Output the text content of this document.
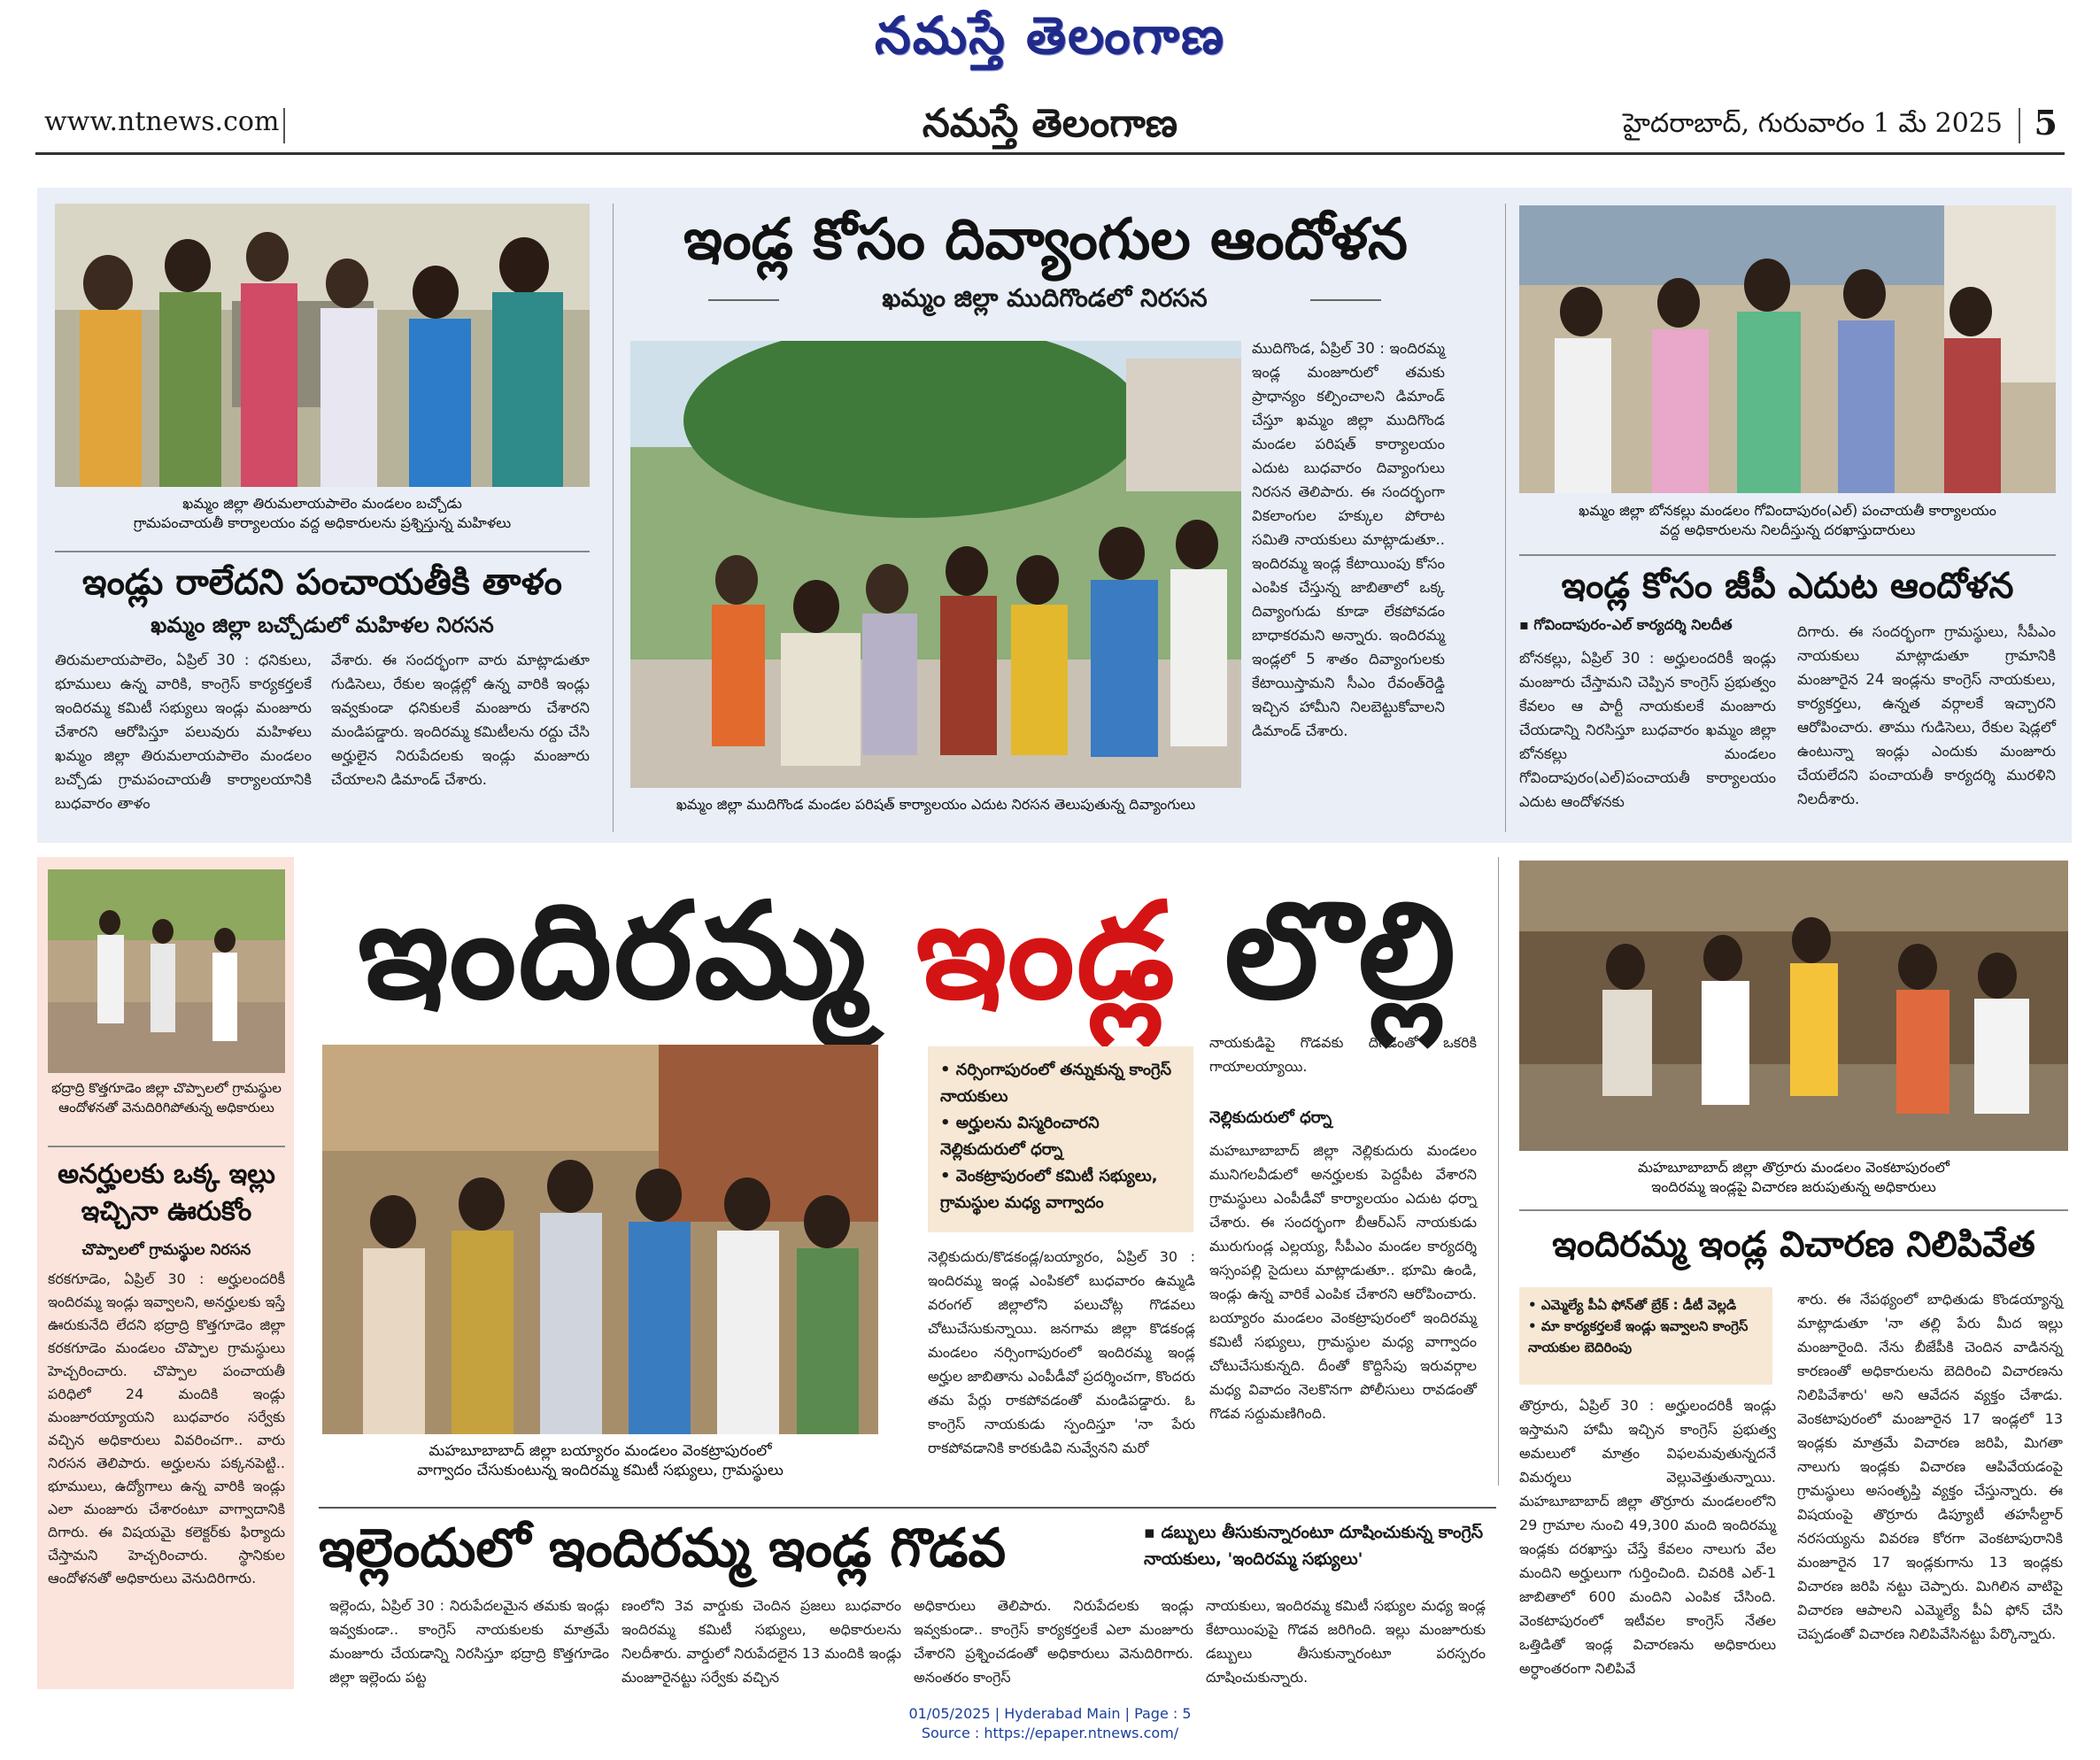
నమస్తే తెలంగాణ
www.ntnews.com	నమస్తే తెలంగాణ	హైదరాబాద్, గురువారం 1 మే 2025 5
ఖమ్మం జిల్లా తిరుమలాయపాలెం మండలం బచ్చోడు
గ్రామపంచాయతీ కార్యాలయం వద్ద అధికారులను ప్రశ్నిస్తున్న మహిళలు
ఇండ్లు రాలేదని పంచాయతీకి తాళం
ఖమ్మం జిల్లా బచ్చోడులో మహిళల నిరసన
తిరుమలాయపాలెం, ఏప్రిల్ 30 : ధనికులు, భూములు ఉన్న వారికి, కాంగ్రెస్ కార్యకర్తలకే ఇందిరమ్మ కమిటీ సభ్యులు ఇండ్లు మంజూరు చేశారని ఆరోపిస్తూ పలువురు మహిళలు ఖమ్మం జిల్లా తిరుమలాయపాలెం మండలం బచ్చోడు గ్రామపంచాయతీ కార్యాలయానికి బుధవారం తాళం
వేశారు. ఈ సందర్భంగా వారు మాట్లాడుతూ గుడిసెలు, రేకుల ఇండ్లల్లో ఉన్న వారికి ఇండ్లు ఇవ్వకుండా ధనికులకే మంజూరు చేశారని మండిపడ్డారు. ఇందిరమ్మ కమిటీలను రద్దు చేసి అర్హులైన నిరుపేదలకు ఇండ్లు మంజూరు చేయాలని డిమాండ్ చేశారు.
ఇండ్ల కోసం దివ్యాంగుల ఆందోళన
ఖమ్మం జిల్లా ముదిగొండలో నిరసన
ఖమ్మం జిల్లా ముదిగొండ మండల పరిషత్ కార్యాలయం ఎదుట నిరసన తెలుపుతున్న దివ్యాంగులు
ముదిగొండ, ఏప్రిల్ 30 : ఇందిరమ్మ ఇండ్ల మంజూరులో తమకు ప్రాధాన్యం కల్పించాలని డిమాండ్ చేస్తూ ఖమ్మం జిల్లా ముదిగొండ మండల పరిషత్ కార్యాలయం ఎదుట బుధవారం దివ్యాంగులు నిరసన తెలిపారు. ఈ సందర్భంగా వికలాంగుల హక్కుల పోరాట సమితి నాయకులు మాట్లాడుతూ.. ఇందిరమ్మ ఇండ్ల కేటాయింపు కోసం ఎంపిక చేస్తున్న జాబితాలో ఒక్క దివ్యాంగుడు కూడా లేకపోవడం బాధాకరమని అన్నారు. ఇందిరమ్మ ఇండ్లలో 5 శాతం దివ్యాంగులకు కేటాయిస్తామని సీఎం రేవంత్‌రెడ్డి ఇచ్చిన హామీని నిలబెట్టుకోవాలని డిమాండ్ చేశారు.
ఖమ్మం జిల్లా బోనకల్లు మండలం గోవిందాపురం(ఎల్) పంచాయతీ కార్యాలయం
వద్ద అధికారులను నిలదీస్తున్న దరఖాస్తుదారులు
ఇండ్ల కోసం జీపీ ఎదుట ఆందోళన
▪ గోవిందాపురం-ఎల్ కార్యదర్శి నిలదీత
బోనకల్లు, ఏప్రిల్ 30 : అర్హులందరికీ ఇండ్లు మంజూరు చేస్తామని చెప్పిన కాంగ్రెస్ ప్రభుత్వం కేవలం ఆ పార్టీ నాయకులకే మంజూరు చేయడాన్ని నిరసిస్తూ బుధవారం ఖమ్మం జిల్లా బోనకల్లు మండలం గోవిందాపురం(ఎల్)పంచాయతీ కార్యాలయం ఎదుట ఆందోళనకు
దిగారు. ఈ సందర్భంగా గ్రామస్థులు, సీపీఎం నాయకులు మాట్లాడుతూ గ్రామానికి మంజూరైన 24 ఇండ్లను కాంగ్రెస్ నాయకులు, కార్యకర్తలు, ఉన్నత వర్గాలకే ఇచ్చారని ఆరోపించారు. తాము గుడిసెలు, రేకుల షెడ్లలో ఉంటున్నా ఇండ్లు ఎందుకు మంజూరు చేయలేదని పంచాయతీ కార్యదర్శి మురళిని నిలదీశారు.
భద్రాద్రి కొత్తగూడెం జిల్లా చొప్పాలలో గ్రామస్థుల ఆందోళనతో వెనుదిరిగిపోతున్న అధికారులు
అనర్హులకు ఒక్క ఇల్లు ఇచ్చినా ఊరుకోం
చొప్పాలలో గ్రామస్థుల నిరసన
కరకగూడెం, ఏప్రిల్ 30 : అర్హులందరికీ ఇందిరమ్మ ఇండ్లు ఇవ్వాలని, అనర్హులకు ఇస్తే ఊరుకునేది లేదని భద్రాద్రి కొత్తగూడెం జిల్లా కరకగూడెం మండలం చొప్పాల గ్రామస్థులు హెచ్చరించారు. చొప్పాల పంచాయతీ పరిధిలో 24 మందికి ఇండ్లు మంజూరయ్యాయని బుధవారం సర్వేకు వచ్చిన అధికారులు వివరించగా.. వారు నిరసన తెలిపారు. అర్హులను పక్కనపెట్టి.. భూములు, ఉద్యోగాలు ఉన్న వారికి ఇండ్లు ఎలా మంజూరు చేశారంటూ వాగ్వాదానికి దిగారు. ఈ విషయమై కలెక్టర్‌కు ఫిర్యాదు చేస్తామని హెచ్చరించారు. స్థానికుల ఆందోళనతో అధికారులు వెనుదిరిగారు.
ఇందిరమ్మ ఇండ్ల లొల్లి
మహబూబాబాద్ జిల్లా బయ్యారం మండలం వెంకట్రాపురంలో
వాగ్వాదం చేసుకుంటున్న ఇందిరమ్మ కమిటీ సభ్యులు, గ్రామస్థులు
• నర్సింగాపురంలో తన్నుకున్న కాంగ్రెస్ నాయకులు
• అర్హులను విస్మరించారని నెల్లికుదురులో ధర్నా
• వెంకట్రాపురంలో కమిటీ సభ్యులు, గ్రామస్థుల మధ్య వాగ్వాదం
నెల్లికుదురు/కొడకండ్ల/బయ్యారం, ఏప్రిల్ 30 : ఇందిరమ్మ ఇండ్ల ఎంపికలో బుధవారం ఉమ్మడి వరంగల్ జిల్లాలోని పలుచోట్ల గొడవలు చోటుచేసుకున్నాయి. జనగామ జిల్లా కొడకండ్ల మండలం నర్సింగాపురంలో ఇందిరమ్మ ఇండ్ల అర్హుల జాబితాను ఎంపీడీవో ప్రదర్శించగా, కొందరు తమ పేర్లు రాకపోవడంతో మండిపడ్డారు. ఓ కాంగ్రెస్ నాయకుడు స్పందిస్తూ 'నా పేరు రాకపోవడానికి కారకుడివి నువ్వేనని మరో
నాయకుడిపై గొడవకు దిగడంతో ఒకరికి గాయాలయ్యాయి.
నెల్లికుదురులో ధర్నా
మహబూబాబాద్ జిల్లా నెల్లికుదురు మండలం మునిగలవీడులో అనర్హులకు పెద్దపీట వేశారని గ్రామస్థులు ఎంపీడీవో కార్యాలయం ఎదుట ధర్నా చేశారు. ఈ సందర్భంగా బీఆర్‌ఎస్ నాయకుడు మురుగుండ్ల ఎల్లయ్య, సీపీఎం మండల కార్యదర్శి ఇస్సంపల్లి సైదులు మాట్లాడుతూ.. భూమి ఉండి, ఇండ్లు ఉన్న వారికే ఎంపిక చేశారని ఆరోపించారు. బయ్యారం మండలం వెంకట్రాపురంలో ఇందిరమ్మ కమిటీ సభ్యులు, గ్రామస్థుల మధ్య వాగ్వాదం చోటుచేసుకున్నది. దీంతో కొద్దిసేపు ఇరువర్గాల మధ్య వివాదం నెలకొనగా పోలీసులు రావడంతో గొడవ సద్దుమణిగింది.
మహబూబాబాద్ జిల్లా తొర్రూరు మండలం వెంకటాపురంలో
ఇందిరమ్మ ఇండ్లపై విచారణ జరుపుతున్న అధికారులు
ఇందిరమ్మ ఇండ్ల విచారణ నిలిపివేత
• ఎమ్మెల్యే పీఏ ఫోన్‌తో బ్రేక్ : డీటీ వెల్లడి
• మా కార్యకర్తలకే ఇండ్లు ఇవ్వాలని కాంగ్రెస్ నాయకుల బెదిరింపు
తొర్రూరు, ఏప్రిల్ 30 : అర్హులందరికీ ఇండ్లు ఇస్తామని హామీ ఇచ్చిన కాంగ్రెస్ ప్రభుత్వ అమలులో మాత్రం విఫలమవుతున్నదనే విమర్శలు వెల్లువెత్తుతున్నాయి. మహబూబాబాద్ జిల్లా తొర్రూరు మండలంలోని 29 గ్రామాల నుంచి 49,300 మంది ఇందిరమ్మ ఇండ్లకు దరఖాస్తు చేస్తే కేవలం నాలుగు వేల మందిని అర్హులుగా గుర్తించింది. చివరికి ఎల్-1 జాబితాలో 600 మందిని ఎంపిక చేసింది. వెంకటాపురంలో ఇటీవల కాంగ్రెస్ నేతల ఒత్తిడితో ఇండ్ల విచారణను అధికారులు అర్ధాంతరంగా నిలిపివే
శారు. ఈ నేపథ్యంలో బాధితుడు కొండయ్యాన్న మాట్లాడుతూ 'నా తల్లి పేరు మీద ఇల్లు మంజూరైంది. నేను బీజేపీకి చెందిన వాడినన్న కారణంతో అధికారులను బెదిరించి విచారణను నిలిపివేశారు' అని ఆవేదన వ్యక్తం చేశాడు. వెంకటాపురంలో మంజూరైన 17 ఇండ్లలో 13 ఇండ్లకు మాత్రమే విచారణ జరిపి, మిగతా నాలుగు ఇండ్లకు విచారణ ఆపివేయడంపై గ్రామస్థులు అసంతృప్తి వ్యక్తం చేస్తున్నారు. ఈ విషయంపై తొర్రూరు డిప్యూటీ తహసీల్దార్ నరసయ్యను వివరణ కోరగా వెంకటాపురానికి మంజూరైన 17 ఇండ్లకుగాను 13 ఇండ్లకు విచారణ జరిపి నట్టు చెప్పారు. మిగిలిన వాటిపై విచారణ ఆపాలని ఎమ్మెల్యే పీఏ ఫోన్ చేసి చెప్పడంతో విచారణ నిలిపివేసినట్టు పేర్కొన్నారు.
ఇల్లెందులో ఇందిరమ్మ ఇండ్ల గొడవ	▪ డబ్బులు తీసుకున్నారంటూ దూషించుకున్న కాంగ్రెస్ నాయకులు, 'ఇందిరమ్మ సభ్యులు'
ఇల్లెందు, ఏప్రిల్ 30 : నిరుపేదలమైన తమకు ఇండ్లు ఇవ్వకుండా.. కాంగ్రెస్ నాయకులకు మాత్రమే మంజూరు చేయడాన్ని నిరసిస్తూ భద్రాద్రి కొత్తగూడెం జిల్లా ఇల్లెందు పట్ట
ణంలోని 3వ వార్డుకు చెందిన ప్రజలు బుధవారం ఇందిరమ్మ కమిటీ సభ్యులు, అధికారులను నిలదీశారు. వార్డులో నిరుపేదలైన 13 మందికి ఇండ్లు మంజూరైనట్టు సర్వేకు వచ్చిన
అధికారులు తెలిపారు. నిరుపేదలకు ఇండ్లు ఇవ్వకుండా.. కాంగ్రెస్ కార్యకర్తలకే ఎలా మంజూరు చేశారని ప్రశ్నించడంతో అధికారులు వెనుదిరిగారు. అనంతరం కాంగ్రెస్
నాయకులు, ఇందిరమ్మ కమిటీ సభ్యుల మధ్య ఇండ్ల కేటాయింపుపై గొడవ జరిగింది. ఇల్లు మంజూరుకు డబ్బులు తీసుకున్నారంటూ పరస్పరం దూషించుకున్నారు.
01/05/2025 | Hyderabad Main | Page : 5
Source : https://epaper.ntnews.com/
